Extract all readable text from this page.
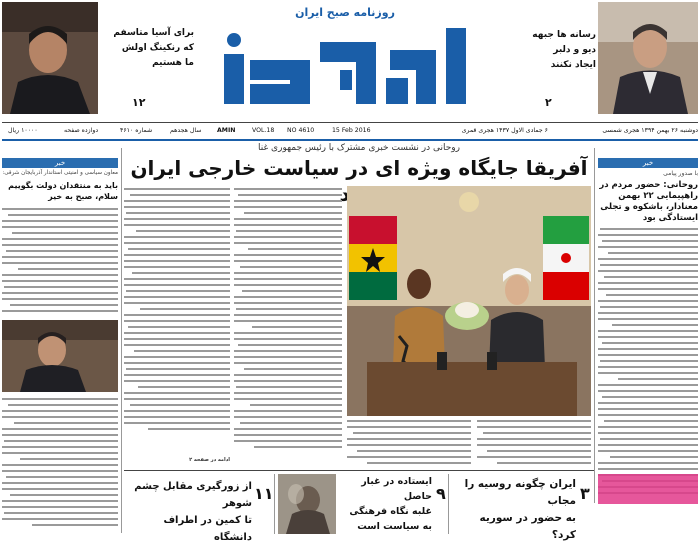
رسانه ها جبهه
دیو و دلبر
ایجاد نکنند
۲
برای آسیا متاسفم
که رنکینگ اولش
ما هستیم
۱۲
روزنامه صبح ایران
دوشنبه ۲۶ بهمن ۱۳۹۴ هجری شمسی
۶ جمادی الاول ۱۴۳۷ هجری قمری
15 Feb 2016
NO 4610
VOL.18
AMIN
سال هجدهم
شماره ۴۶۱۰
دوازده صفحه
۱۰۰۰۰ ریال
خبر
با صدور پیامی
روحانی: حضور مردم در راهپیمایی ۲۲ بهمن معنادار، باشکوه و تجلی ایستادگی بود
خبر
معاون سیاسی و امنیتی استاندار آذربایجان شرقی:
باید به منتقدان دولت بگوییم سلام، صبح به خیر
روحانی در نشست خبری مشترک با رئیس جمهوری غنا
آفریقا جایگاه ویژه ای در سیاست خارجی ایران
ادامه در صفحه ۲
۳
ایران چگونه روسیه را مجاب
به حضور در سوریه کرد؟
۹
ایستاده در غبار حاصل
غلبه نگاه فرهنگی
به سیاست است
۱۱
از زورگیری مقابل چشم شوهر
تا کمین در اطراف دانشگاه
